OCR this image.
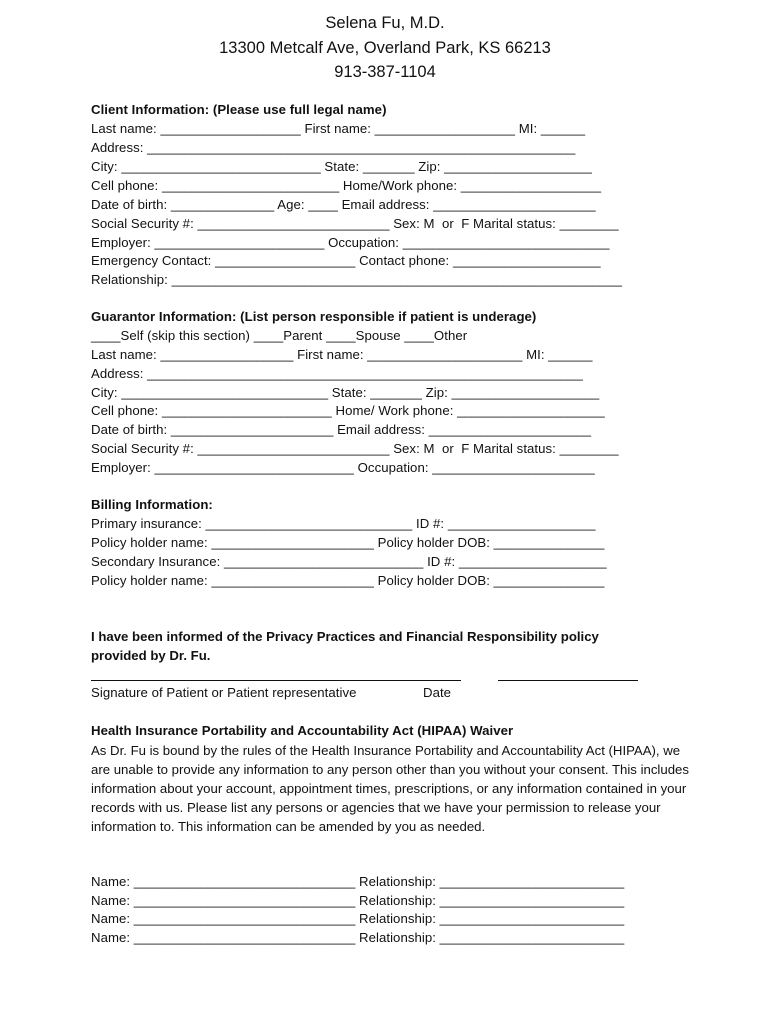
Selena Fu, M.D.
13300 Metcalf Ave, Overland Park, KS 66213
913-387-1104
Client Information: (Please use full legal name)
Last name: ___________________ First name: ___________________ MI: ______
Address: __________________________________________________________
City: ___________________________ State: _______ Zip: ____________________
Cell phone: ________________________ Home/Work phone: ___________________
Date of birth: ______________ Age: ____ Email address: ______________________
Social Security #: __________________________ Sex: M  or  F Marital status: ________
Employer: _______________________ Occupation: ____________________________
Emergency Contact: ___________________ Contact phone: ____________________
Relationship: _____________________________________________________________
Guarantor Information: (List person responsible if patient is underage)
____Self (skip this section) ____Parent ____Spouse ____Other
Last name: __________________ First name: _____________________ MI: ______
Address: ___________________________________________________________
City: ____________________________ State: _______ Zip: ____________________
Cell phone: _______________________ Home/ Work phone: ____________________
Date of birth: ______________________ Email address: ______________________
Social Security #: __________________________ Sex: M  or  F Marital status: ________
Employer: ___________________________ Occupation: ______________________
Billing Information:
Primary insurance: ____________________________ ID #: ____________________
Policy holder name: ______________________ Policy holder DOB: _______________
Secondary Insurance: ___________________________ ID #: ____________________
Policy holder name: ______________________ Policy holder DOB: _______________
I have been informed of the Privacy Practices and Financial Responsibility policy provided by Dr. Fu.
Signature of Patient or Patient representative	Date
Health Insurance Portability and Accountability Act (HIPAA) Waiver
As Dr. Fu is bound by the rules of the Health Insurance Portability and Accountability Act (HIPAA), we are unable to provide any information to any person other than you without your consent. This includes information about your account, appointment times, prescriptions, or any information contained in your records with us. Please list any persons or agencies that we have your permission to release your information to. This information can be amended by you as needed.
Name: ______________________________ Relationship: _________________________
Name: ______________________________ Relationship: _________________________
Name: ______________________________ Relationship: _________________________
Name: ______________________________ Relationship: _________________________
